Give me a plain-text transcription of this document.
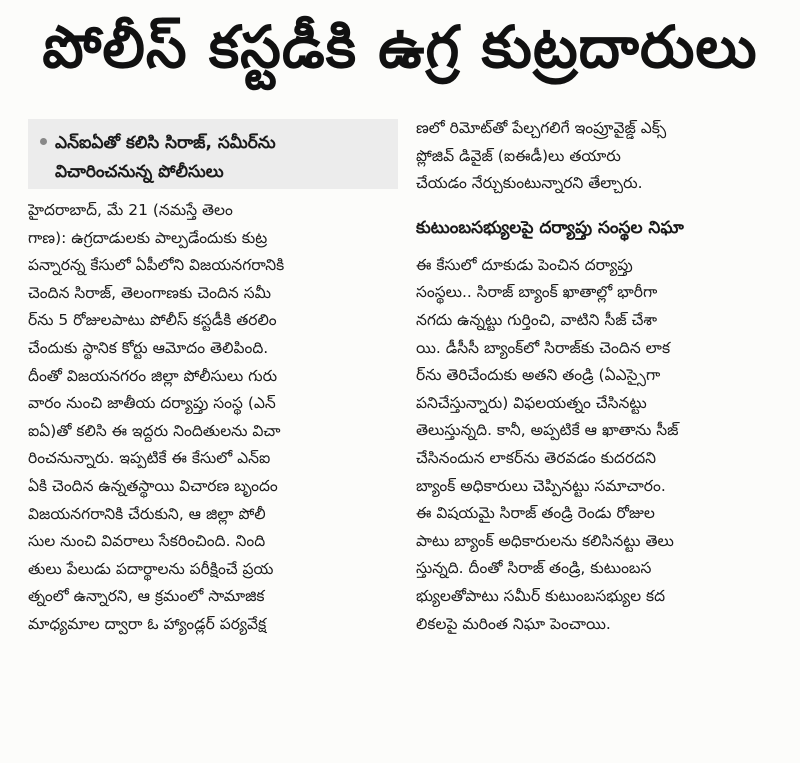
పోలీస్ కస్టడీకి ఉగ్ర కుట్రదారులు
ఎన్ఐఏతో కలిసి సిరాజ్, సమీర్‌ను
విచారించనున్న పోలీసులు

హైదరాబాద్, మే 21 (నమస్తే తెలం
గాణ): ఉగ్రదాడులకు పాల్పడేందుకు కుట్ర
పన్నారన్న కేసులో ఏపీలోని విజయనగరానికి
చెందిన సిరాజ్, తెలంగాణకు చెందిన సమీ
ర్‌ను 5 రోజులపాటు పోలీస్ కస్టడీకి తరలిం
చేందుకు స్థానిక కోర్టు ఆమోదం తెలిపింది.
దీంతో విజయనగరం జిల్లా పోలీసులు గురు
వారం నుంచి జాతీయ దర్యాప్తు సంస్థ (ఎన్
ఐఏ)తో కలిసి ఈ ఇద్దరు నిందితులను విచా
రించనున్నారు. ఇప్పటికే ఈ కేసులో ఎన్ఐ
ఏకి చెందిన ఉన్నతస్థాయి విచారణ బృందం
విజయనగరానికి చేరుకుని, ఆ జిల్లా పోలీ
సుల నుంచి వివరాలు సేకరించింది. నింది
తులు పేలుడు పదార్థాలను పరీక్షించే ప్రయ
త్నంలో ఉన్నారని, ఆ క్రమంలో సామాజిక
మాధ్యమాల ద్వారా ఓ హ్యాండ్లర్ పర్యవేక్ష

ణలో రిమోట్‌తో పేల్చగలిగే ఇంప్రూవైజ్డ్ ఎక్స్
ప్లోజివ్ డివైజ్ (ఐఈడీ)లు తయారు
చేయడం నేర్చుకుంటున్నారని తేల్చారు.

కుటుంబసభ్యులపై దర్యాప్తు సంస్థల నిఘా

ఈ కేసులో దూకుడు పెంచిన దర్యాప్తు
సంస్థలు.. సిరాజ్ బ్యాంక్ ఖాతాల్లో భారీగా
నగదు ఉన్నట్టు గుర్తించి, వాటిని సీజ్ చేశా
యి. డీసీసీ బ్యాంక్‌లో సిరాజ్‌కు చెందిన లాక
ర్‌ను తెరిచేందుకు అతని తండ్రి (ఏఎస్సైగా
పనిచేస్తున్నారు) విఫలయత్నం చేసినట్టు
తెలుస్తున్నది. కానీ, అప్పటికే ఆ ఖాతాను సీజ్
చేసినందున లాకర్‌ను తెరవడం కుదరదని
బ్యాంక్ అధికారులు చెప్పినట్టు సమాచారం.
ఈ విషయమై సిరాజ్ తండ్రి రెండు రోజుల
పాటు బ్యాంక్ అధికారులను కలిసినట్టు తెలు
స్తున్నది. దీంతో సిరాజ్ తండ్రి, కుటుంబస
భ్యులతోపాటు సమీర్ కుటుంబసభ్యుల కద
లికలపై మరింత నిఘా పెంచాయి.
